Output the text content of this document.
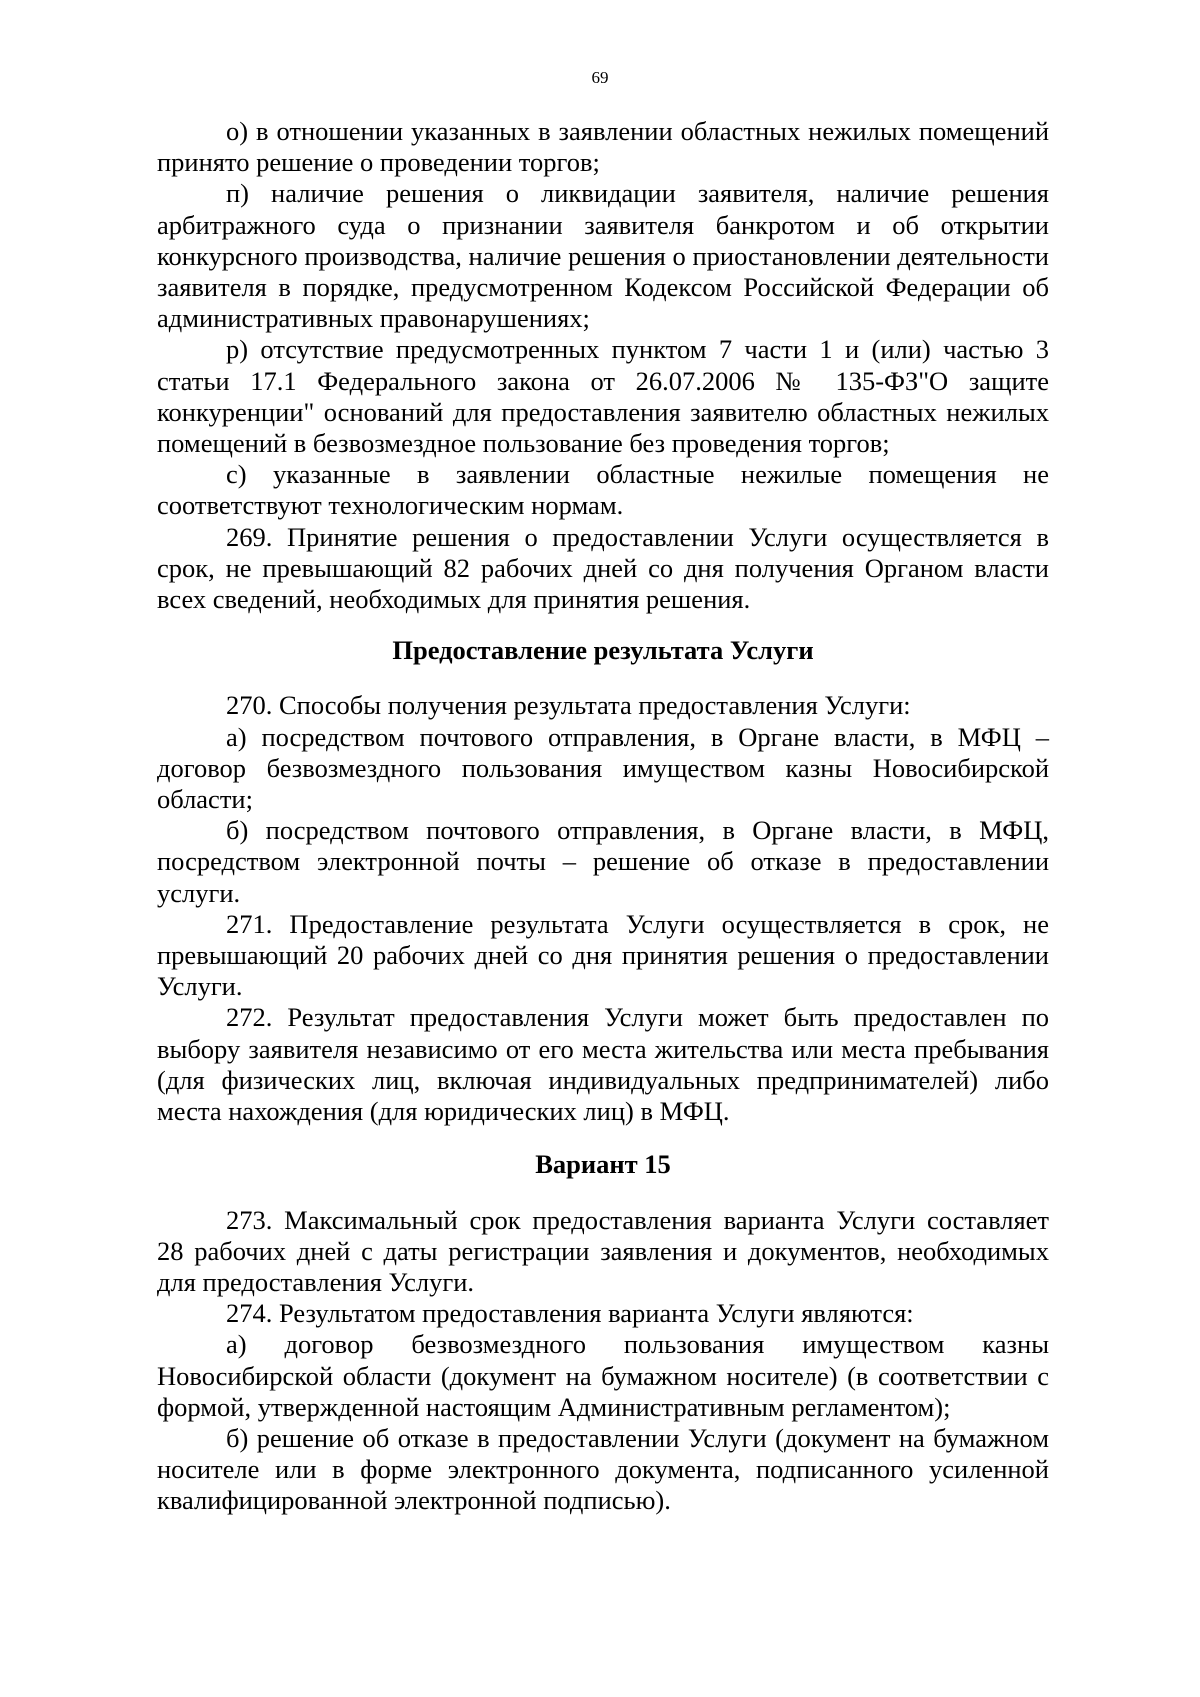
69

о) в отношении указанных в заявлении областных нежилых помещений принято решение о проведении торгов;

п) наличие решения о ликвидации заявителя, наличие решения арбитражного суда о признании заявителя банкротом и об открытии конкурсного производства, наличие решения о приостановлении деятельности заявителя в порядке, предусмотренном Кодексом Российской Федерации об административных правонарушениях;

р) отсутствие предусмотренных пунктом 7 части 1 и (или) частью 3 статьи 17.1 Федерального закона от 26.07.2006 № 135-ФЗ"О защите конкуренции" оснований для предоставления заявителю областных нежилых помещений в безвозмездное пользование без проведения торгов;

с) указанные в заявлении областные нежилые помещения не соответствуют технологическим нормам.

269. Принятие решения о предоставлении Услуги осуществляется в срок, не превышающий 82 рабочих дней со дня получения Органом власти всех сведений, необходимых для принятия решения.

Предоставление результата Услуги

270. Способы получения результата предоставления Услуги:

а) посредством почтового отправления, в Органе власти, в МФЦ – договор безвозмездного пользования имуществом казны Новосибирской области;

б) посредством почтового отправления, в Органе власти, в МФЦ, посредством электронной почты – решение об отказе в предоставлении услуги.

271. Предоставление результата Услуги осуществляется в срок, не превышающий 20 рабочих дней со дня принятия решения о предоставлении Услуги.

272. Результат предоставления Услуги может быть предоставлен по выбору заявителя независимо от его места жительства или места пребывания (для физических лиц, включая индивидуальных предпринимателей) либо места нахождения (для юридических лиц) в МФЦ.

Вариант 15

273. Максимальный срок предоставления варианта Услуги составляет 28 рабочих дней с даты регистрации заявления и документов, необходимых для предоставления Услуги.

274. Результатом предоставления варианта Услуги являются:

а) договор безвозмездного пользования имуществом казны Новосибирской области (документ на бумажном носителе) (в соответствии с формой, утвержденной настоящим Административным регламентом);

б) решение об отказе в предоставлении Услуги (документ на бумажном носителе или в форме электронного документа, подписанного усиленной квалифицированной электронной подписью).
